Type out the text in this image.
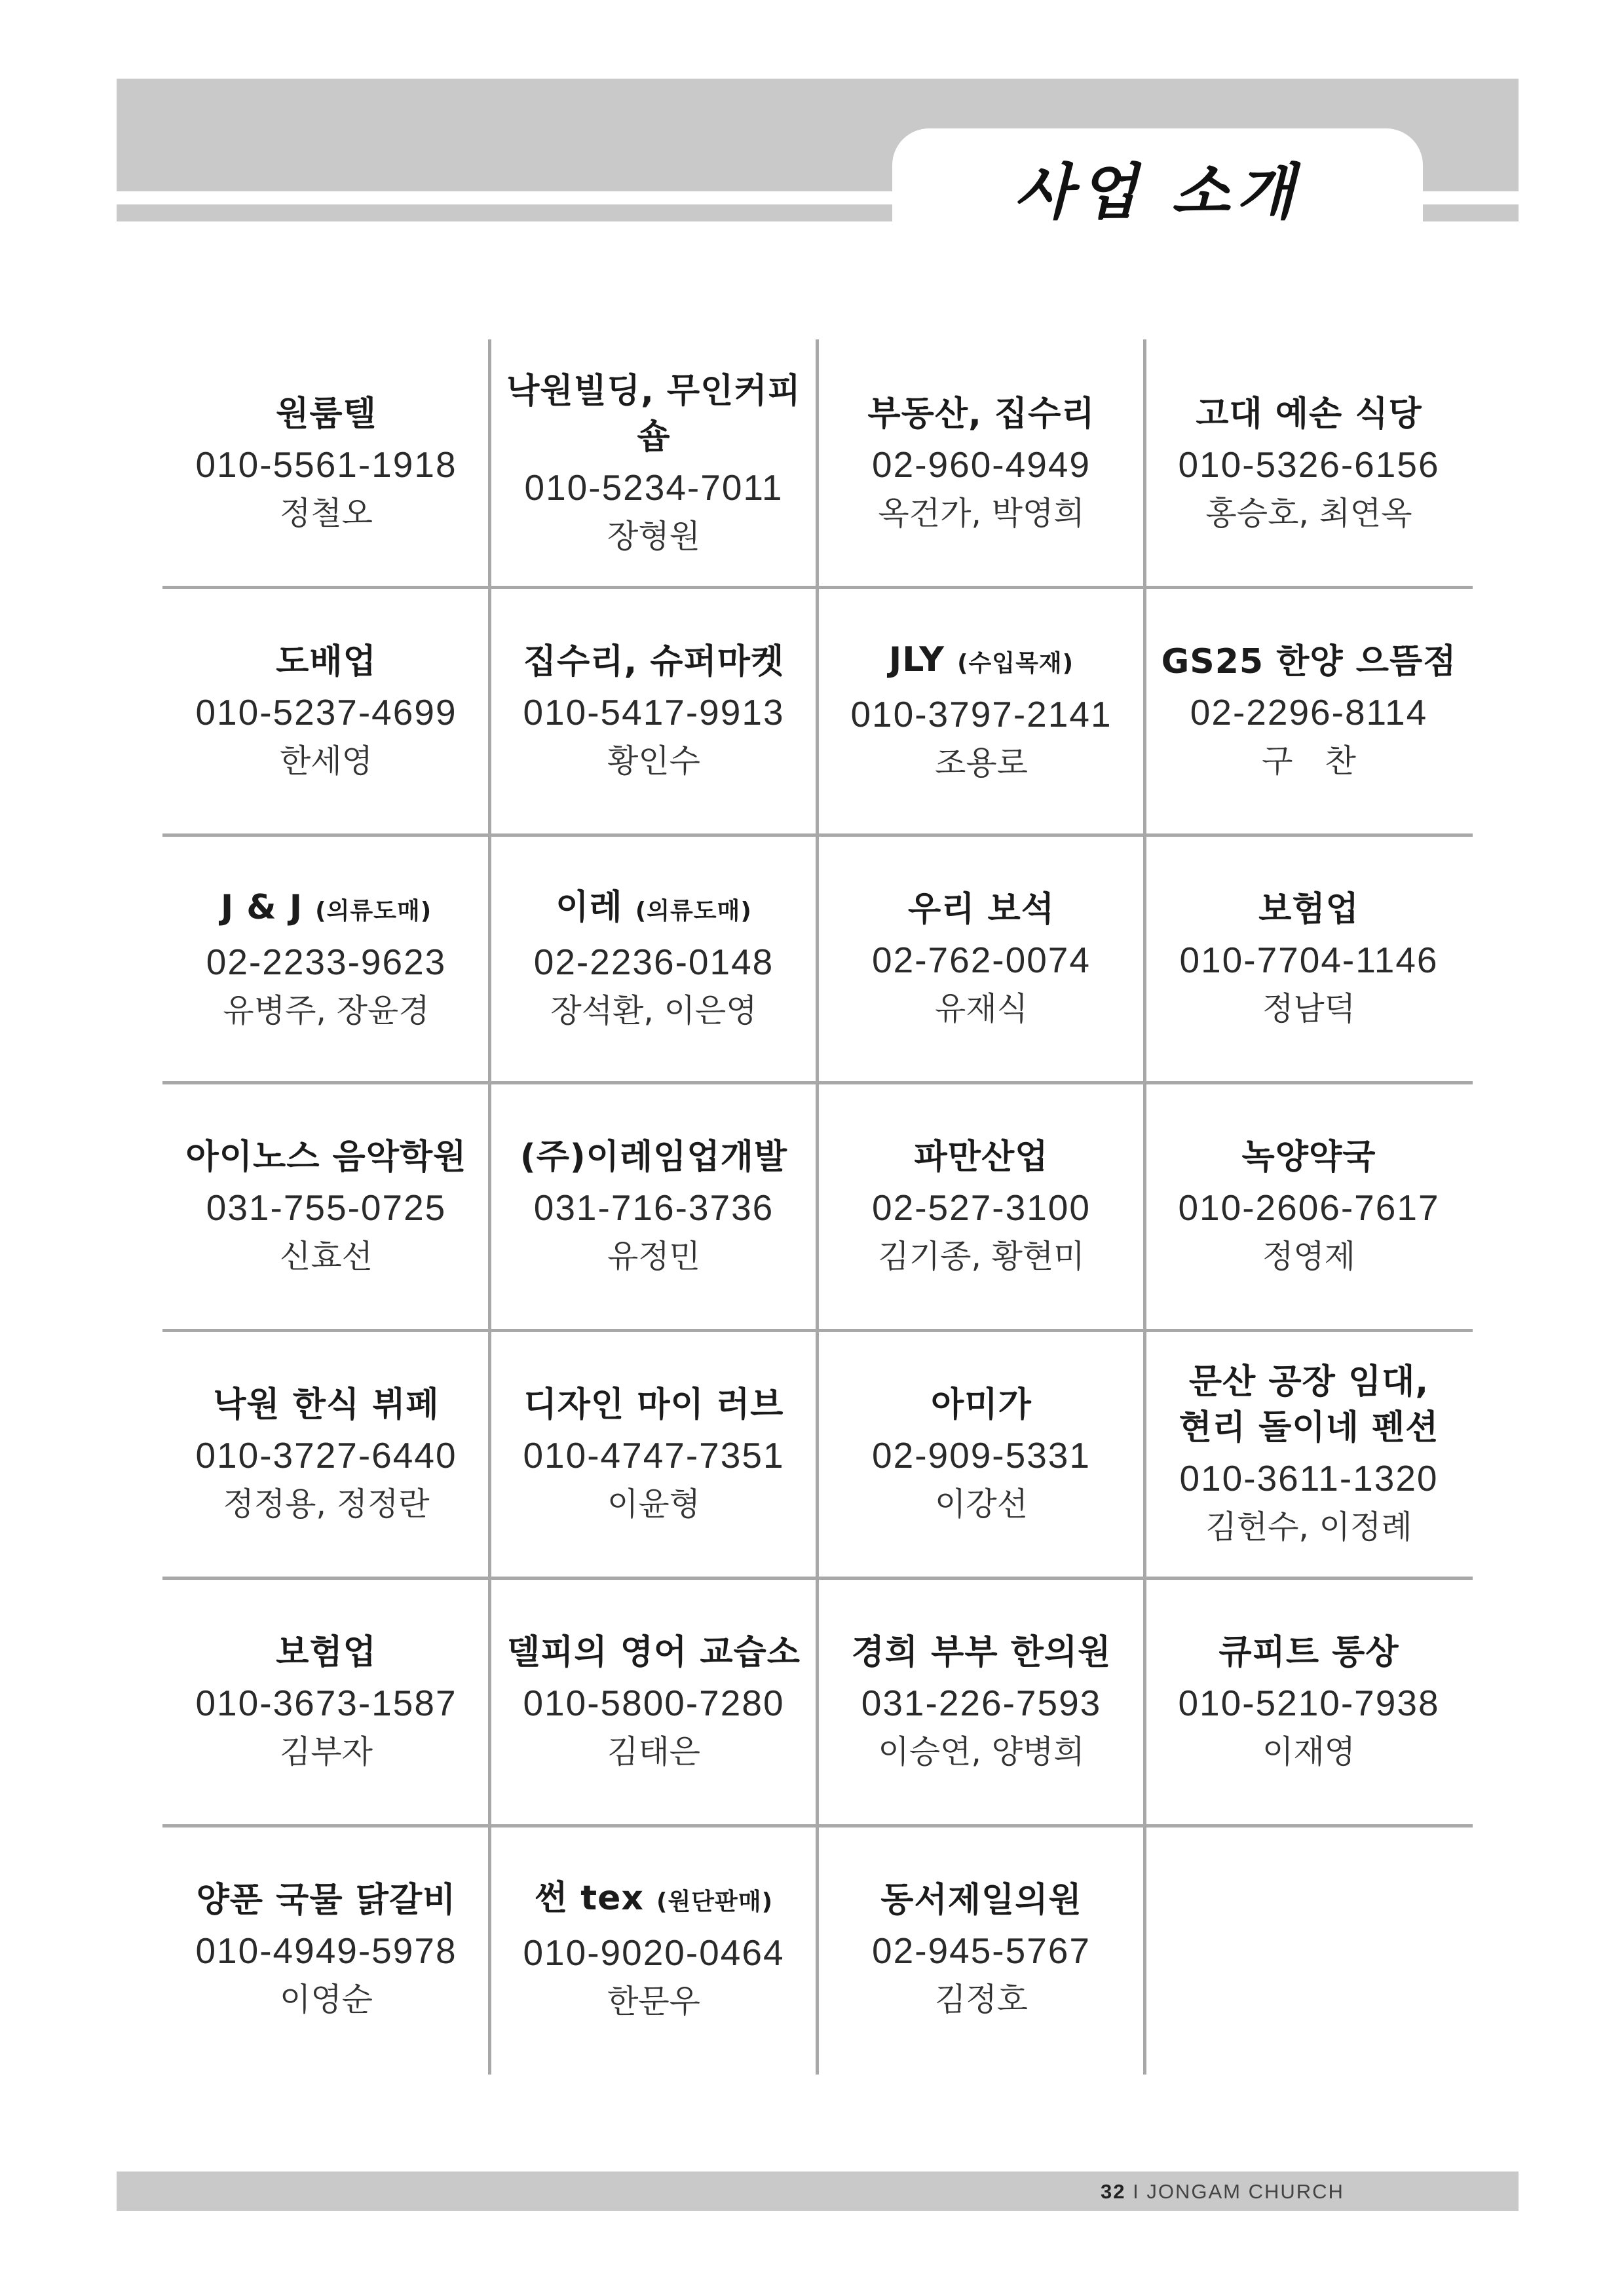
사업 소개
원룸텔
010-5561-1918
정철오
낙원빌딩, 무인커피숍
010-5234-7011
장형원
부동산, 집수리
02-960-4949
옥건가, 박영희
고대 예손 식당
010-5326-6156
홍승호, 최연옥
도배업
010-5237-4699
한세영
집수리, 슈퍼마켓
010-5417-9913
황인수
JLY (수입목재)
010-3797-2141
조용로
GS25 한양 으뜸점
02-2296-8114
구　찬
J & J (의류도매)
02-2233-9623
유병주, 장윤경
이레 (의류도매)
02-2236-0148
장석환, 이은영
우리 보석
02-762-0074
유재식
보험업
010-7704-1146
정남덕
아이노스 음악학원
031-755-0725
신효선
(주)이레임업개발
031-716-3736
유정민
파만산업
02-527-3100
김기종, 황현미
녹양약국
010-2606-7617
정영제
낙원 한식 뷔페
010-3727-6440
정정용, 정정란
디자인 마이 러브
010-4747-7351
이윤형
아미가
02-909-5331
이강선
문산 공장 임대,
현리 돌이네 펜션
010-3611-1320
김헌수, 이정례
보험업
010-3673-1587
김부자
델피의 영어 교습소
010-5800-7280
김태은
경희 부부 한의원
031-226-7593
이승연, 양병희
큐피트 통상
010-5210-7938
이재영
양푼 국물 닭갈비
010-4949-5978
이영순
썬 tex (원단판매)
010-9020-0464
한문우
동서제일의원
02-945-5767
김정호
32 I JONGAM CHURCH
